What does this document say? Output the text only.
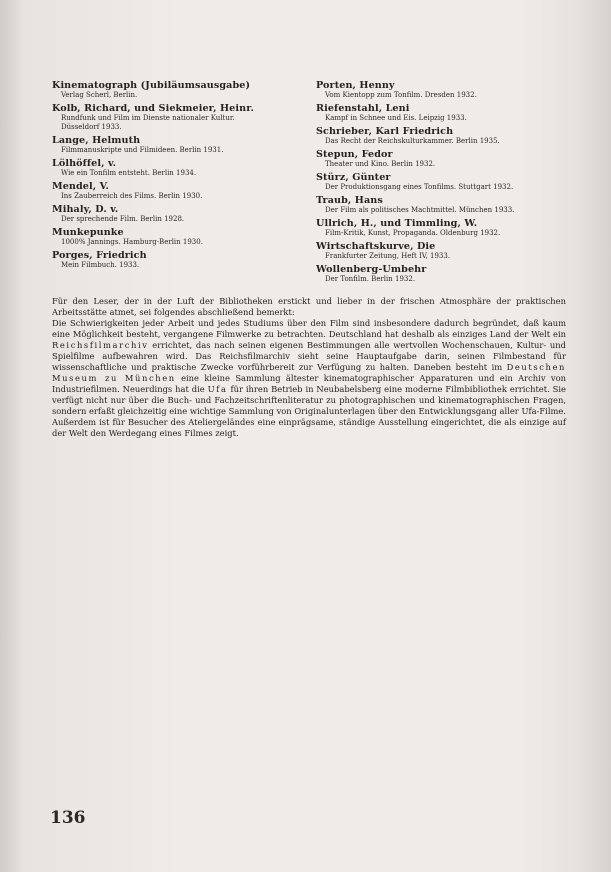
Kinematograph (Jubiläumsausgabe)
Verlag Scherl, Berlin.
Kolb, Richard, und Siekmeier, Heinr.
Rundfunk und Film im Dienste nationaler Kultur.
Düsseldorf 1933.
Lange, Helmuth
Filmmanuskripte und Filmideen. Berlin 1931.
Lölhöffel, v.
Wie ein Tonfilm entsteht. Berlin 1934.
Mendel, V.
Ins Zauberreich des Films. Berlin 1930.
Mihaly, D. v.
Der sprechende Film. Berlin 1928.
Munkepunke
1000% Jannings. Hamburg-Berlin 1930.
Porges, Friedrich
Mein Filmbuch. 1933.
Porten, Henny
Vom Kientopp zum Tonfilm. Dresden 1932.
Riefenstahl, Leni
Kampf in Schnee und Eis. Leipzig 1933.
Schrieber, Karl Friedrich
Das Recht der Reichskulturkammer. Berlin 1935.
Stepun, Fedor
Theater und Kino. Berlin 1932.
Stürz, Günter
Der Produktionsgang eines Tonfilms. Stuttgart 1932.
Traub, Hans
Der Film als politisches Machtmittel. München 1933.
Ullrich, H., und Timmling, W.
Film-Kritik, Kunst, Propaganda. Oldenburg 1932.
Wirtschaftskurve, Die
Frankfurter Zeitung, Heft IV, 1933.
Wollenberg-Umbehr
Der Tonfilm. Berlin 1932.

Für den Leser, der in der Luft der Bibliotheken erstickt und lieber in der frischen Atmosphäre der praktischen Arbeitsstätte atmet, sei folgendes abschließend bemerkt:

Die Schwierigkeiten jeder Arbeit und jedes Studiums über den Film sind insbesondere dadurch begründet, daß kaum eine Möglichkeit besteht, vergangene Filmwerke zu betrachten. Deutschland hat deshalb als einziges Land der Welt ein Reichsfilmarchiv errichtet, das nach seinen eigenen Bestimmungen alle wertvollen Wochenschauen, Kultur- und Spielfilme aufbewahren wird. Das Reichsfilmarchiv sieht seine Hauptaufgabe darin, seinen Filmbestand für wissenschaftliche und praktische Zwecke vorführbereit zur Verfügung zu halten. Daneben besteht im Deutschen Museum zu München eine kleine Sammlung ältester kinematographischer Apparaturen und ein Archiv von Industriefilmen. Neuerdings hat die Ufa für ihren Betrieb in Neubabelsberg eine moderne Filmbibliothek errichtet. Sie verfügt nicht nur über die Buch- und Fachzeitschriftenliteratur zu photographischen und kinematographischen Fragen, sondern erfaßt gleichzeitig eine wichtige Sammlung von Originalunterlagen über den Entwicklungsgang aller Ufa-Filme. Außerdem ist für Besucher des Ateliergeländes eine einprägsame, ständige Ausstellung eingerichtet, die als einzige auf der Welt den Werdegang eines Filmes zeigt.

136
